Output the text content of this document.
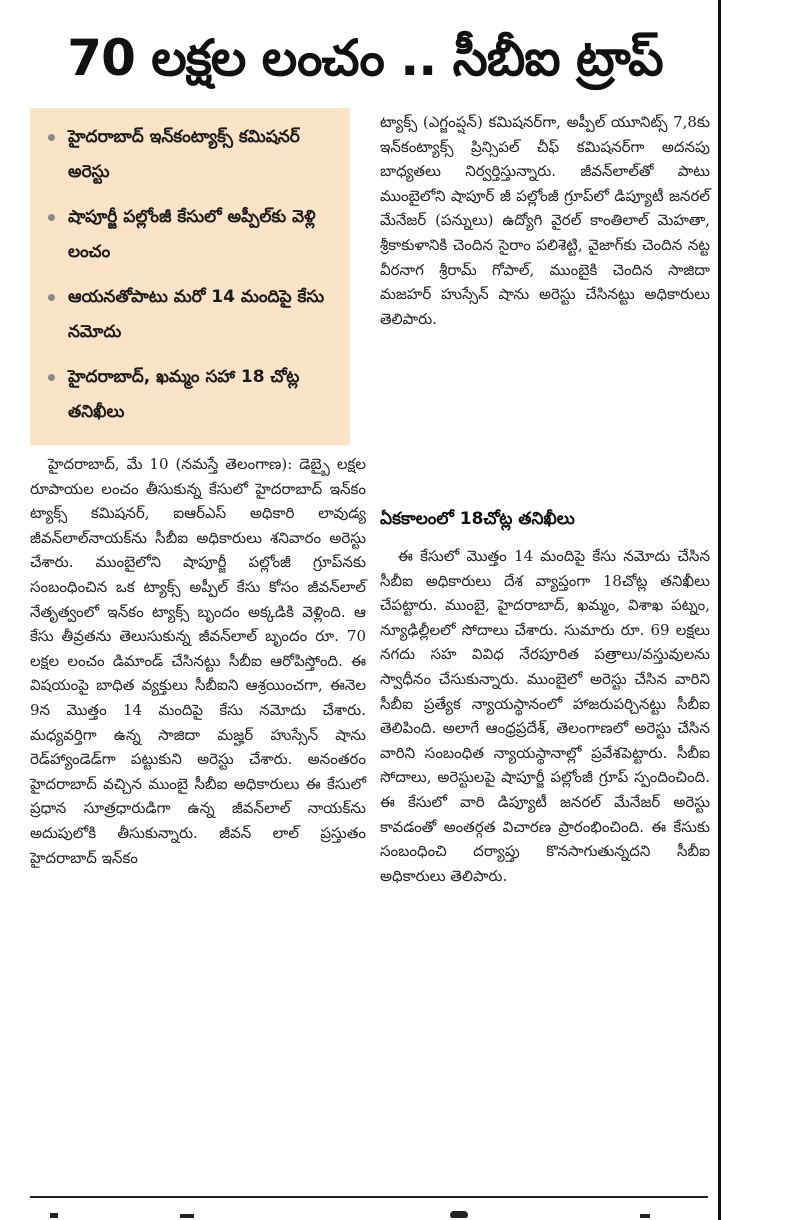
70 లక్షల లంచం .. సీబీఐ ట్రాప్
హైదరాబాద్ ఇన్‌కంట్యాక్స్ కమిషనర్ అరెస్టు
షాపూర్జీ పల్లోంజీ కేసులో అప్పీల్‌కు వెళ్లి లంచం
ఆయనతోపాటు మరో 14 మందిపై కేసు నమోదు
హైదరాబాద్, ఖమ్మం సహా 18 చోట్ల తనిఖీలు
హైదరాబాద్, మే 10 (నమస్తే తెలంగాణ): డెబ్బై లక్షల రూపాయల లంచం తీసుకున్న కేసులో హైదరాబాద్ ఇన్‌కం ట్యాక్స్ కమిషనర్, ఐఆర్ఎస్ అధికారి లావుడ్య జీవన్‌లాల్‌నాయక్‌ను సీబీఐ అధికారులు శనివారం అరెస్టు చేశారు. ముంబైలోని షాపూర్జీ పల్లోంజీ గ్రూప్‌నకు సంబంధించిన ఒక ట్యాక్స్ అప్పీల్ కేసు కోసం జీవన్‌లాల్ నేతృత్వంలో ఇన్‌కం ట్యాక్స్ బృందం అక్కడికి వెళ్లింది. ఆ కేసు తీవ్రతను తెలుసుకున్న జీవన్‌లాల్ బృందం రూ. 70 లక్షల లంచం డిమాండ్ చేసినట్టు సీబీఐ ఆరోపిస్తోంది. ఈ విషయంపై బాధిత వ్యక్తులు సీబీఐని ఆశ్రయించగా, ఈనెల 9న మొత్తం 14 మందిపై కేసు నమోదు చేశారు. మధ్యవర్తిగా ఉన్న సాజిదా మజ్హర్ హుస్సేన్ షాను రెడ్‌హ్యాండెడ్‌గా పట్టుకుని అరెస్టు చేశారు. అనంతరం హైదరాబాద్ వచ్చిన ముంబై సీబీఐ అధికారులు ఈ కేసులో ప్రధాన సూత్రధారుడిగా ఉన్న జీవన్‌లాల్ నాయక్‌ను అదుపులోకి తీసుకున్నారు. జీవన్ లాల్ ప్రస్తుతం హైదరాబాద్ ఇన్‌కం
ట్యాక్స్ (ఎగ్జంప్షన్) కమిషనర్‌గా, అప్పీల్ యూనిట్స్ 7,8కు ఇన్‌కంట్యాక్స్ ప్రిన్సిపల్ చీఫ్ కమిషనర్‌గా అదనపు బాధ్యతలు నిర్వర్తిస్తున్నారు. జీవన్‌లాల్‌తో పాటు ముంబైలోని షాపూర్ జీ పల్లోంజీ గ్రూప్‌లో డిప్యూటీ జనరల్ మేనేజర్ (పన్నులు) ఉద్యోగి వైరల్ కాంతిలాల్ మెహతా, శ్రీకాకుళానికి చెందిన సైరాం పలిశెట్టి, వైజాగ్‌కు చెందిన నట్ట వీరనాగ శ్రీరామ్ గోపాల్, ముంబైకి చెందిన సాజిదా మజహర్ హుస్సేన్ షాను అరెస్టు చేసినట్టు అధికారులు తెలిపారు.
ఏకకాలంలో 18చోట్ల తనిఖీలు
ఈ కేసులో మొత్తం 14 మందిపై కేసు నమోదు చేసిన సీబీఐ అధికారులు దేశ వ్యాప్తంగా 18చోట్ల తనిఖీలు చేపట్టారు. ముంబై, హైదరాబాద్, ఖమ్మం, విశాఖ పట్నం, న్యూఢిల్లీలలో సోదాలు చేశారు. సుమారు రూ. 69 లక్షలు నగదు సహ వివిధ నేరపూరిత పత్రాలు/వస్తువులను స్వాధీనం చేసుకున్నారు. ముంబైలో అరెస్టు చేసిన వారిని సీబీఐ ప్రత్యేక న్యాయస్థానంలో హాజరుపర్చినట్టు సీబీఐ తెలిపింది. అలాగే ఆంధ్రప్రదేశ్, తెలంగాణలో అరెస్టు చేసిన వారిని సంబంధిత న్యాయస్థానాల్లో ప్రవేశపెట్టారు. సీబీఐ సోదాలు, అరెస్టులపై షాపూర్జీ పల్లోంజీ గ్రూప్ స్పందించింది. ఈ కేసులో వారి డిప్యూటీ జనరల్ మేనేజర్ అరెస్టు కావడంతో అంతర్గత విచారణ ప్రారంభించింది. ఈ కేసుకు సంబంధించి దర్యాప్తు కొనసాగుతున్నదని సీబీఐ అధికారులు తెలిపారు.
